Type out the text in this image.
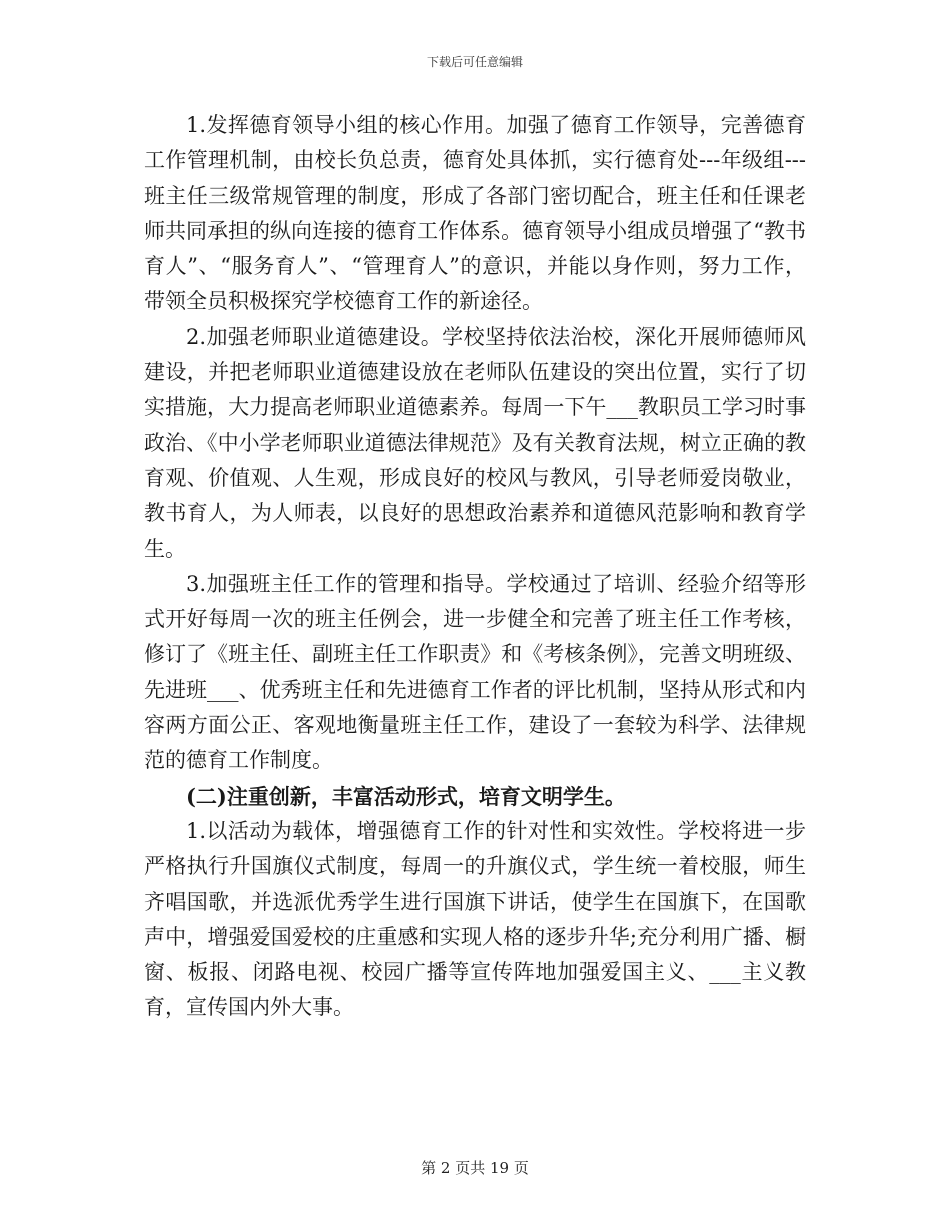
下载后可任意编辑

1.发挥德育领导小组的核心作用。加强了德育工作领导，完善德育工作管理机制，由校长负总责，德育处具体抓，实行德育处---年级组---班主任三级常规管理的制度，形成了各部门密切配合，班主任和任课老师共同承担的纵向连接的德育工作体系。德育领导小组成员增强了“教书育人”、“服务育人”、“管理育人”的意识，并能以身作则，努力工作，带领全员积极探究学校德育工作的新途径。

2.加强老师职业道德建设。学校坚持依法治校，深化开展师德师风建设，并把老师职业道德建设放在老师队伍建设的突出位置，实行了切实措施，大力提高老师职业道德素养。每周一下午___教职员工学习时事政治、《中小学老师职业道德法律规范》及有关教育法规，树立正确的教育观、价值观、人生观，形成良好的校风与教风，引导老师爱岗敬业，教书育人，为人师表，以良好的思想政治素养和道德风范影响和教育学生。

3.加强班主任工作的管理和指导。学校通过了培训、经验介绍等形式开好每周一次的班主任例会，进一步健全和完善了班主任工作考核，修订了《班主任、副班主任工作职责》和《考核条例》，完善文明班级、先进班___、优秀班主任和先进德育工作者的评比机制，坚持从形式和内容两方面公正、客观地衡量班主任工作，建设了一套较为科学、法律规范的德育工作制度。

(二)注重创新，丰富活动形式，培育文明学生。

1.以活动为载体，增强德育工作的针对性和实效性。学校将进一步严格执行升国旗仪式制度，每周一的升旗仪式，学生统一着校服，师生齐唱国歌，并选派优秀学生进行国旗下讲话，使学生在国旗下，在国歌声中，增强爱国爱校的庄重感和实现人格的逐步升华;充分利用广播、橱窗、板报、闭路电视、校园广播等宣传阵地加强爱国主义、___主义教育，宣传国内外大事。

第 2 页共 19 页
